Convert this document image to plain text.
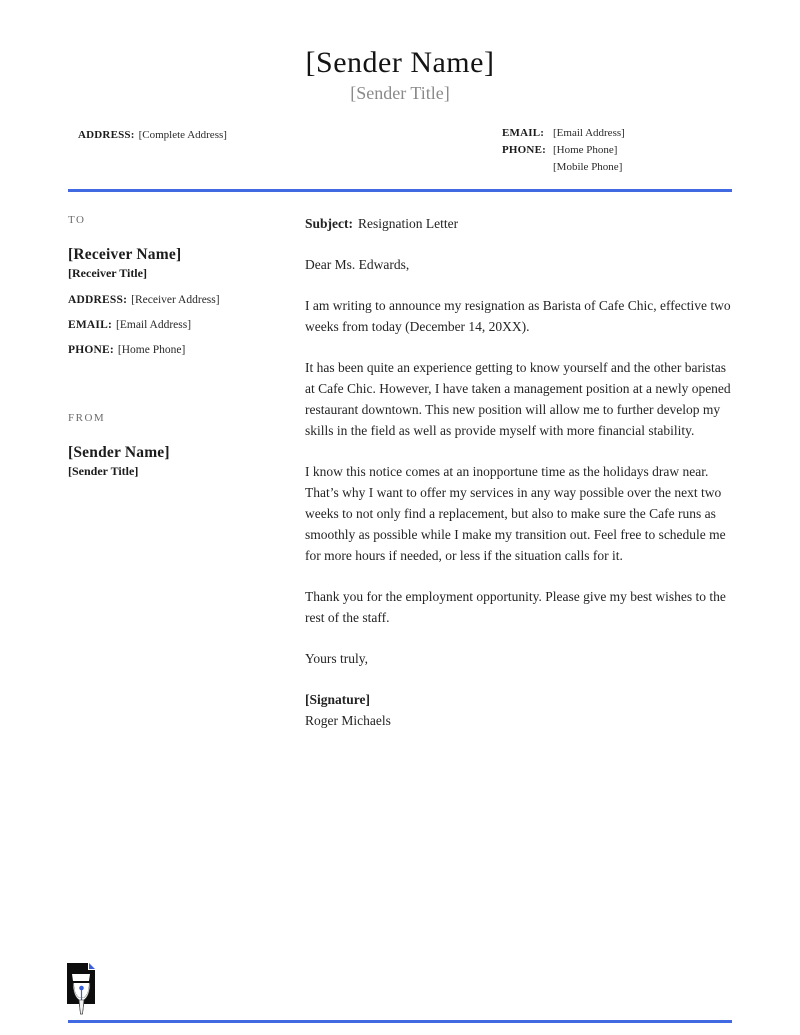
[Sender Name]
[Sender Title]
ADDRESS: [Complete Address]	EMAIL: [Email Address]
PHONE: [Home Phone]
[Mobile Phone]
TO
[Receiver Name]
[Receiver Title]
ADDRESS: [Receiver Address]
EMAIL: [Email Address]
PHONE: [Home Phone]
FROM
[Sender Name]
[Sender Title]
Subject: Resignation Letter

Dear Ms. Edwards,

I am writing to announce my resignation as Barista of Cafe Chic, effective two weeks from today (December 14, 20XX).

It has been quite an experience getting to know yourself and the other baristas at Cafe Chic. However, I have taken a management position at a newly opened restaurant downtown. This new position will allow me to further develop my skills in the field as well as provide myself with more financial stability.

I know this notice comes at an inopportune time as the holidays draw near. That’s why I want to offer my services in any way possible over the next two weeks to not only find a replacement, but also to make sure the Cafe runs as smoothly as possible while I make my transition out. Feel free to schedule me for more hours if needed, or less if the situation calls for it.

Thank you for the employment opportunity. Please give my best wishes to the rest of the staff.

Yours truly,

[Signature]
Roger Michaels
